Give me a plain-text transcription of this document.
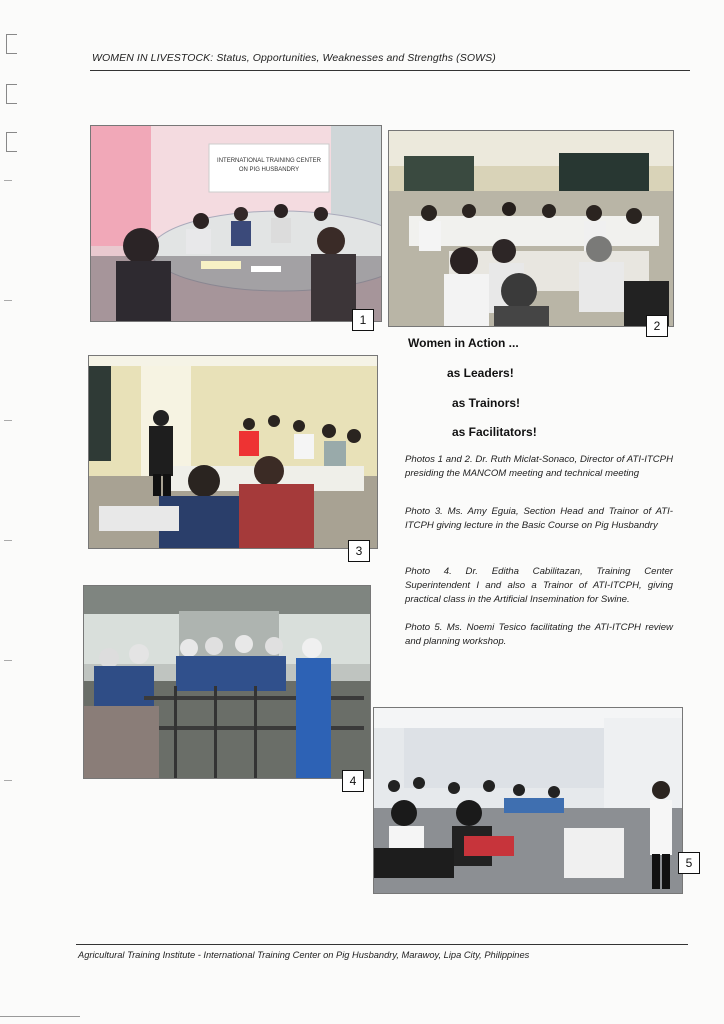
WOMEN IN LIVESTOCK: Status, Opportunities, Weaknesses and Strengths (SOWS)
INTERNATIONAL TRAINING CENTER
ON PIG HUSBANDRY
1	2
3
4
5
Women in Action ...
as Leaders!
as Trainors!
as Facilitators!
Photos 1 and 2. Dr. Ruth Miclat-Sonaco, Director of ATI-ITCPH presiding the MANCOM meeting and technical meeting
Photo 3. Ms. Amy Eguia, Section Head and Trainor of ATI-ITCPH giving lecture in the Basic Course on Pig Husbandry
Photo 4. Dr. Editha Cabilitazan, Training Center Superintendent I and also a Trainor of ATI-ITCPH, giving practical class in the Artificial Insemination for Swine.
Photo 5. Ms. Noemi Tesico facilitating the ATI-ITCPH review and planning workshop.
Agricultural Training Institute - International Training Center on Pig Husbandry, Marawoy, Lipa City, Philippines
